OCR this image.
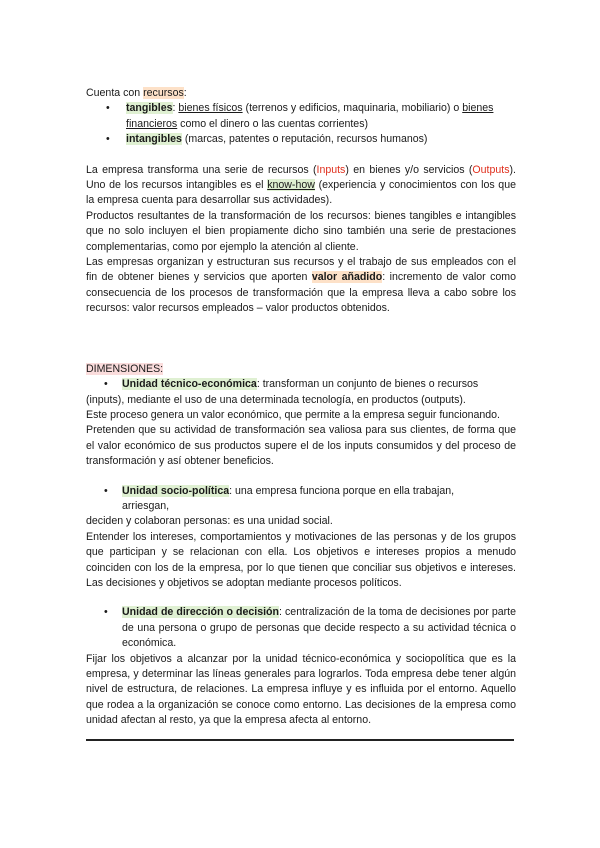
Cuenta con recursos:

• tangibles: bienes físicos (terrenos y edificios, maquinaria, mobiliario) o bienes
financieros como el dinero o las cuentas corrientes)
• intangibles (marcas, patentes o reputación, recursos humanos)

La empresa transforma una serie de recursos (Inputs) en bienes y/o servicios (Outputs). Uno de los recursos intangibles es el know-how (experiencia y conocimientos con los que la empresa cuenta para desarrollar sus actividades).

Productos resultantes de la transformación de los recursos: bienes tangibles e intangibles que no solo incluyen el bien propiamente dicho sino también una serie de prestaciones complementarias, como por ejemplo la atención al cliente.

Las empresas organizan y estructuran sus recursos y el trabajo de sus empleados con el fin de obtener bienes y servicios que aporten valor añadido: incremento de valor como consecuencia de los procesos de transformación que la empresa lleva a cabo sobre los recursos: valor recursos empleados – valor productos obtenidos.

DIMENSIONES:

• Unidad técnico-económica: transforman un conjunto de bienes o recursos

(inputs), mediante el uso de una determinada tecnología, en productos (outputs).

Este proceso genera un valor económico, que permite a la empresa seguir funcionando.

Pretenden que su actividad de transformación sea valiosa para sus clientes, de forma que el valor económico de sus productos supere el de los inputs consumidos y del proceso de transformación y así obtener beneficios.

• Unidad socio-política: una empresa funciona porque en ella trabajan,
arriesgan,

deciden y colaboran personas: es una unidad social.

Entender los intereses, comportamientos y motivaciones de las personas y de los grupos que participan y se relacionan con ella. Los objetivos e intereses propios a menudo coinciden con los de la empresa, por lo que tienen que conciliar sus objetivos e intereses. Las decisiones y objetivos se adoptan mediante procesos políticos.

• Unidad de dirección o decisión: centralización de la toma de decisiones por parte de una persona o grupo de personas que decide respecto a su actividad técnica o económica.

Fijar los objetivos a alcanzar por la unidad técnico-económica y sociopolítica que es la empresa, y determinar las líneas generales para lograrlos. Toda empresa debe tener algún nivel de estructura, de relaciones. La empresa influye y es influida por el entorno. Aquello que rodea a la organización se conoce como entorno. Las decisiones de la empresa como unidad afectan al resto, ya que la empresa afecta al entorno.
